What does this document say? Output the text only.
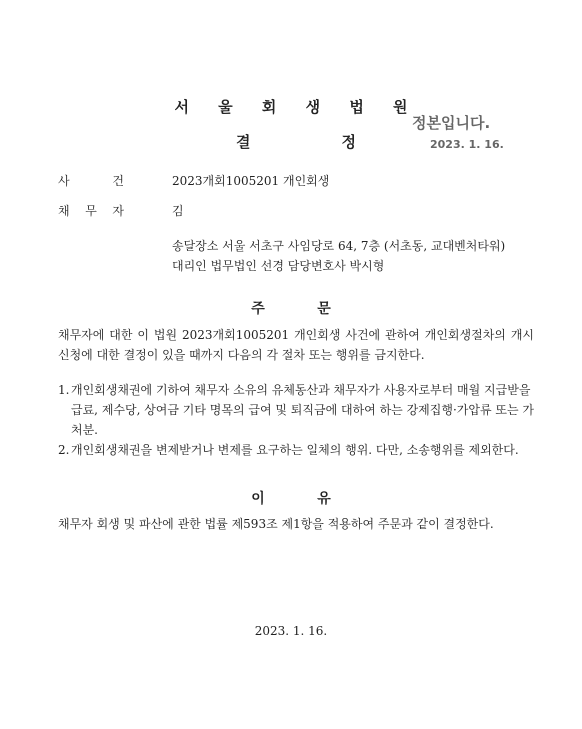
서 울 회 생 법 원
결	정
정본입니다.
2023. 1. 16.
사	건	2023개회1005201 개인회생
채 무 자	김
송달장소 서울 서초구 사임당로 64, 7층 (서초동, 교대벤처타워)
대리인 법무법인 선경 담당변호사 박시형
주	문
채무자에 대한 이 법원 2023개회1005201 개인회생 사건에 관하여 개인회생절차의 개시신청에 대한 결정이 있을 때까지 다음의 각 절차 또는 행위를 금지한다.
1. 개인회생채권에 기하여 채무자 소유의 유체동산과 채무자가 사용자로부터 매월 지급받을 급료, 제수당, 상여금 기타 명목의 급여 및 퇴직금에 대하여 하는 강제집행·가압류 또는 가처분.
2. 개인회생채권을 변제받거나 변제를 요구하는 일체의 행위. 다만, 소송행위를 제외한다.
이	유
채무자 회생 및 파산에 관한 법률 제593조 제1항을 적용하여 주문과 같이 결정한다.
2023. 1. 16.
